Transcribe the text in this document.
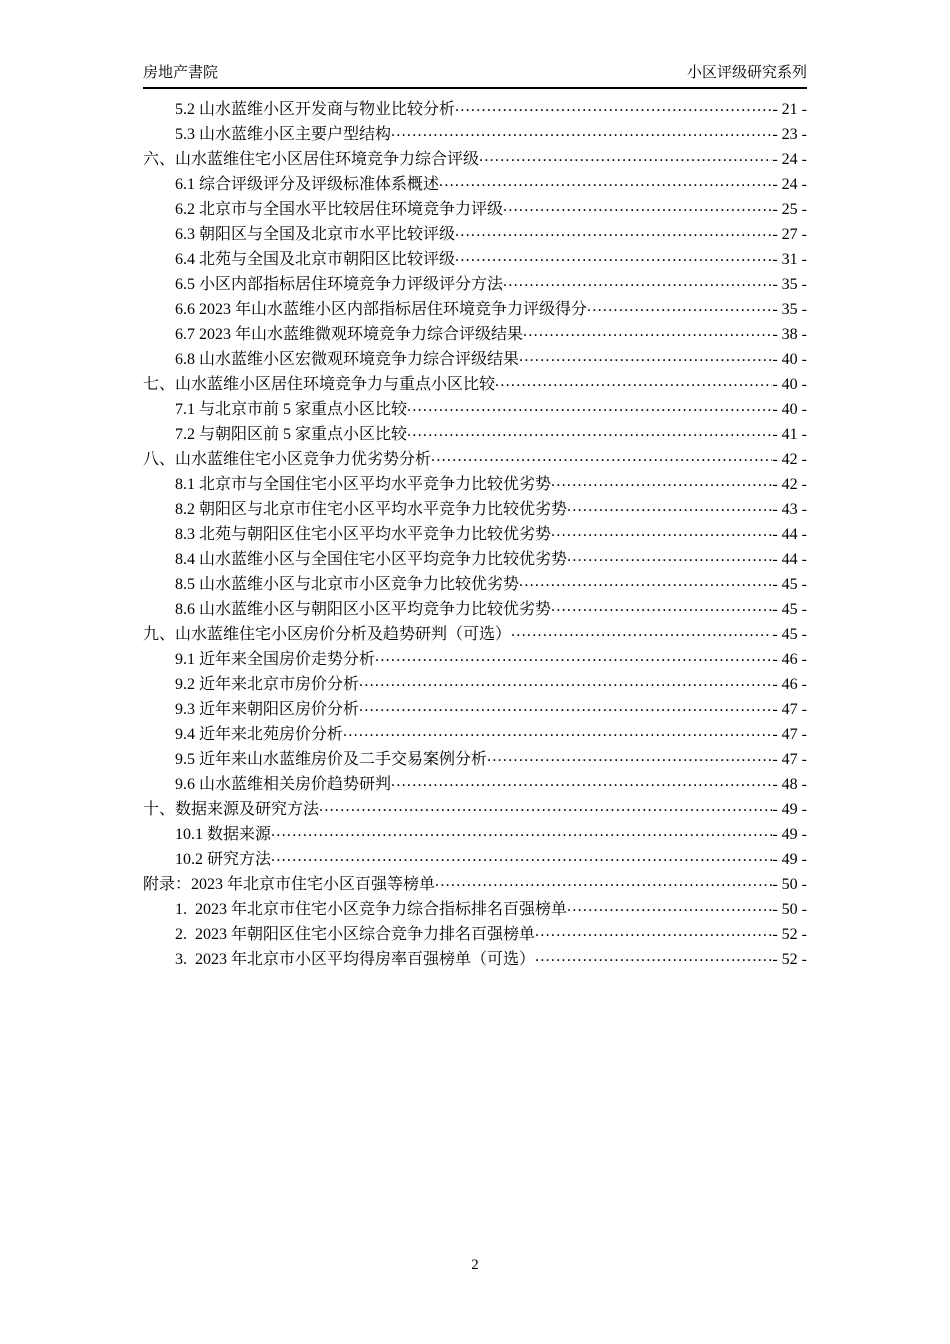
房地产書院	小区评级研究系列
5.2 山水蓝维小区开发商与物业比较分析 .....	- 21 -
5.3 山水蓝维小区主要户型结构 .....	- 23 -
六、山水蓝维住宅小区居住环境竞争力综合评级 .....	- 24 -
6.1 综合评级评分及评级标准体系概述 .....	- 24 -
6.2 北京市与全国水平比较居住环境竞争力评级 .....	- 25 -
6.3 朝阳区与全国及北京市水平比较评级 .....	- 27 -
6.4 北苑与全国及北京市朝阳区比较评级 .....	- 31 -
6.5 小区内部指标居住环境竞争力评级评分方法 .....	- 35 -
6.6 2023 年山水蓝维小区内部指标居住环境竞争力评级得分 .....	- 35 -
6.7 2023 年山水蓝维微观环境竞争力综合评级结果 .....	- 38 -
6.8 山水蓝维小区宏微观环境竞争力综合评级结果 .....	- 40 -
七、山水蓝维小区居住环境竞争力与重点小区比较 .....	- 40 -
7.1 与北京市前 5 家重点小区比较 .....	- 40 -
7.2 与朝阳区前 5 家重点小区比较 .....	- 41 -
八、山水蓝维住宅小区竞争力优劣势分析 .....	- 42 -
8.1 北京市与全国住宅小区平均水平竞争力比较优劣势 .....	- 42 -
8.2 朝阳区与北京市住宅小区平均水平竞争力比较优劣势 .....	- 43 -
8.3 北苑与朝阳区住宅小区平均水平竞争力比较优劣势 .....	- 44 -
8.4 山水蓝维小区与全国住宅小区平均竞争力比较优劣势 .....	- 44 -
8.5 山水蓝维小区与北京市小区竞争力比较优劣势 .....	- 45 -
8.6 山水蓝维小区与朝阳区小区平均竞争力比较优劣势 .....	- 45 -
九、山水蓝维住宅小区房价分析及趋势研判（可选） .....	- 45 -
9.1 近年来全国房价走势分析 .....	- 46 -
9.2 近年来北京市房价分析 .....	- 46 -
9.3 近年来朝阳区房价分析 .....	- 47 -
9.4 近年来北苑房价分析 .....	- 47 -
9.5 近年来山水蓝维房价及二手交易案例分析 .....	- 47 -
9.6 山水蓝维相关房价趋势研判 .....	- 48 -
十、数据来源及研究方法 .....	- 49 -
10.1 数据来源 .....	- 49 -
10.2 研究方法 .....	- 49 -
附录：2023 年北京市住宅小区百强等榜单 .....	- 50 -
1.  2023 年北京市住宅小区竞争力综合指标排名百强榜单 .....	- 50 -
2.  2023 年朝阳区住宅小区综合竞争力排名百强榜单 .....	- 52 -
3.  2023 年北京市小区平均得房率百强榜单（可选） .....	- 52 -
2
